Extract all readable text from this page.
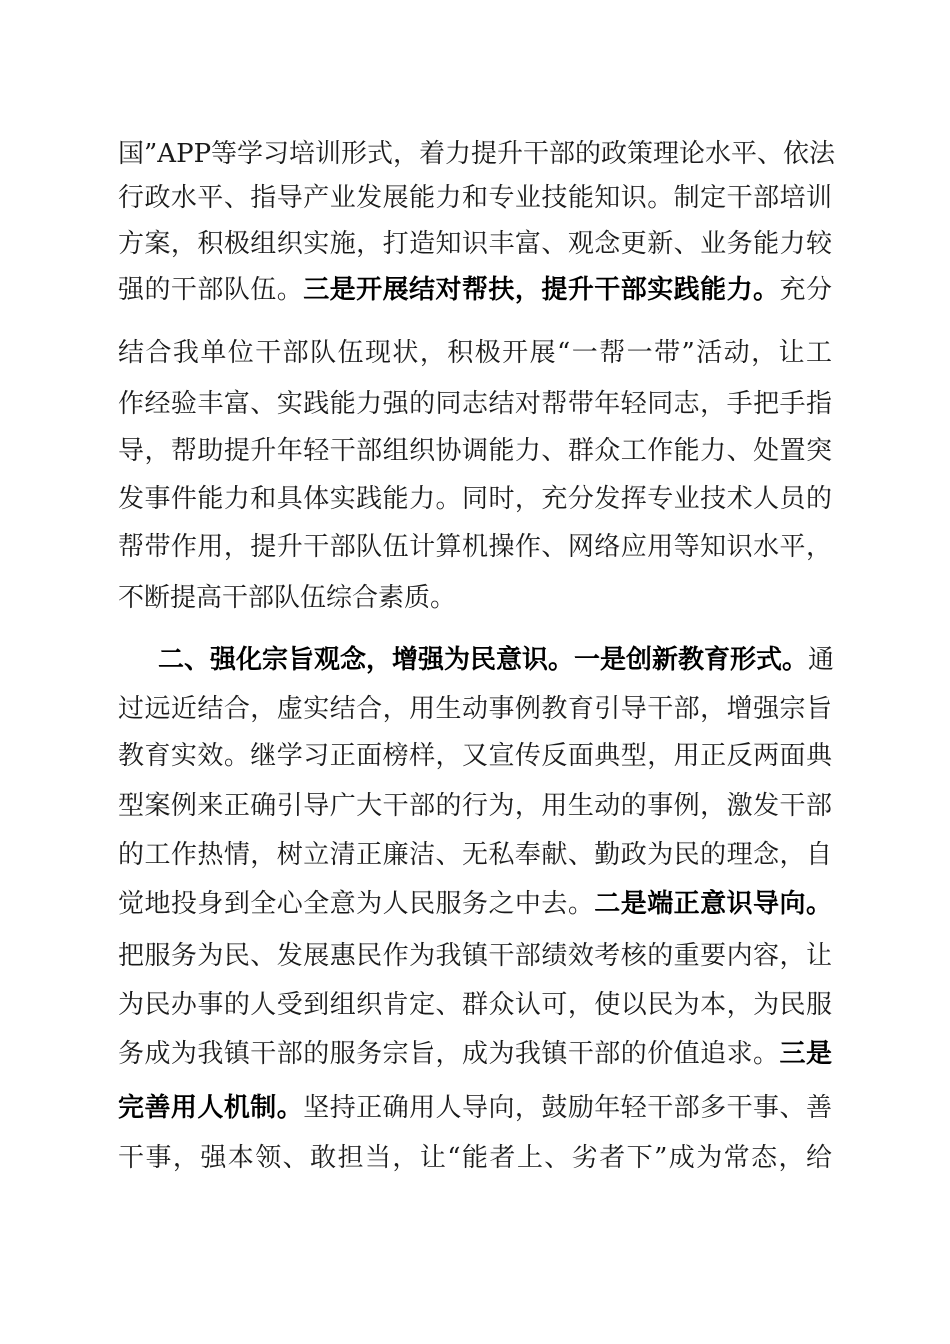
国”APP等学习培训形式，着力提升干部的政策理论水平、依法
行政水平、指导产业发展能力和专业技能知识。制定干部培训
方案，积极组织实施，打造知识丰富、观念更新、业务能力较
强的干部队伍。三是开展结对帮扶，提升干部实践能力。充分
结合我单位干部队伍现状，积极开展“一帮一带”活动，让工
作经验丰富、实践能力强的同志结对帮带年轻同志，手把手指
导，帮助提升年轻干部组织协调能力、群众工作能力、处置突
发事件能力和具体实践能力。同时，充分发挥专业技术人员的
帮带作用，提升干部队伍计算机操作、网络应用等知识水平，
不断提高干部队伍综合素质。
二、强化宗旨观念，增强为民意识。一是创新教育形式。通
过远近结合，虚实结合，用生动事例教育引导干部，增强宗旨
教育实效。继学习正面榜样，又宣传反面典型，用正反两面典
型案例来正确引导广大干部的行为，用生动的事例，激发干部
的工作热情，树立清正廉洁、无私奉献、勤政为民的理念，自
觉地投身到全心全意为人民服务之中去。二是端正意识导向。
把服务为民、发展惠民作为我镇干部绩效考核的重要内容，让
为民办事的人受到组织肯定、群众认可，使以民为本，为民服
务成为我镇干部的服务宗旨，成为我镇干部的价值追求。三是
完善用人机制。坚持正确用人导向，鼓励年轻干部多干事、善
干事，强本领、敢担当，让“能者上、劣者下”成为常态，给
